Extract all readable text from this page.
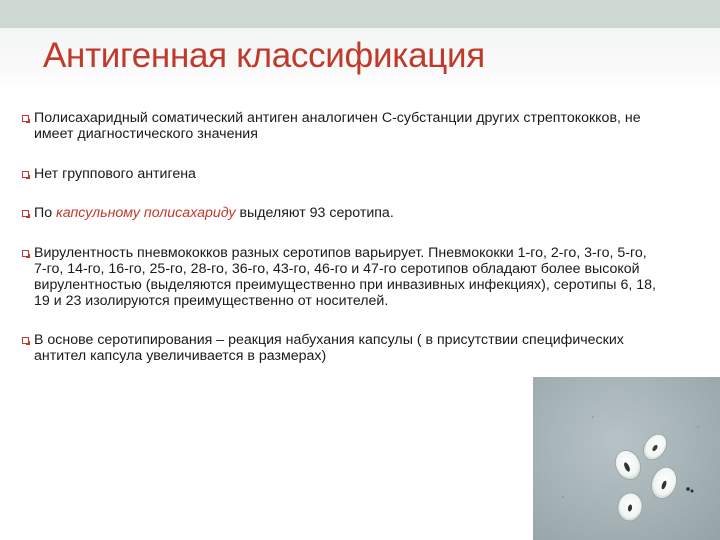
Антигенная классификация
Полисахаридный соматический антиген аналогичен С-субстанции других стрептококков, не имеет диагностического значения
Нет группового антигена
По капсульному полисахариду выделяют 93 серотипа.
Вирулентность пневмококков разных серотипов варьирует. Пневмококки 1-го, 2-го, 3-го, 5-го, 7-го, 14-го, 16-го, 25-го, 28-го, 36-го, 43-го, 46-го и 47-го серотипов обладают более высокой вирулентностью (выделяются преимущественно при инвазивных инфекциях), серотипы 6, 18, 19 и 23 изолируются преимущественно от носителей.
В основе серотипирования – реакция набухания капсулы ( в присутствии специфических антител капсула увеличивается в размерах)
